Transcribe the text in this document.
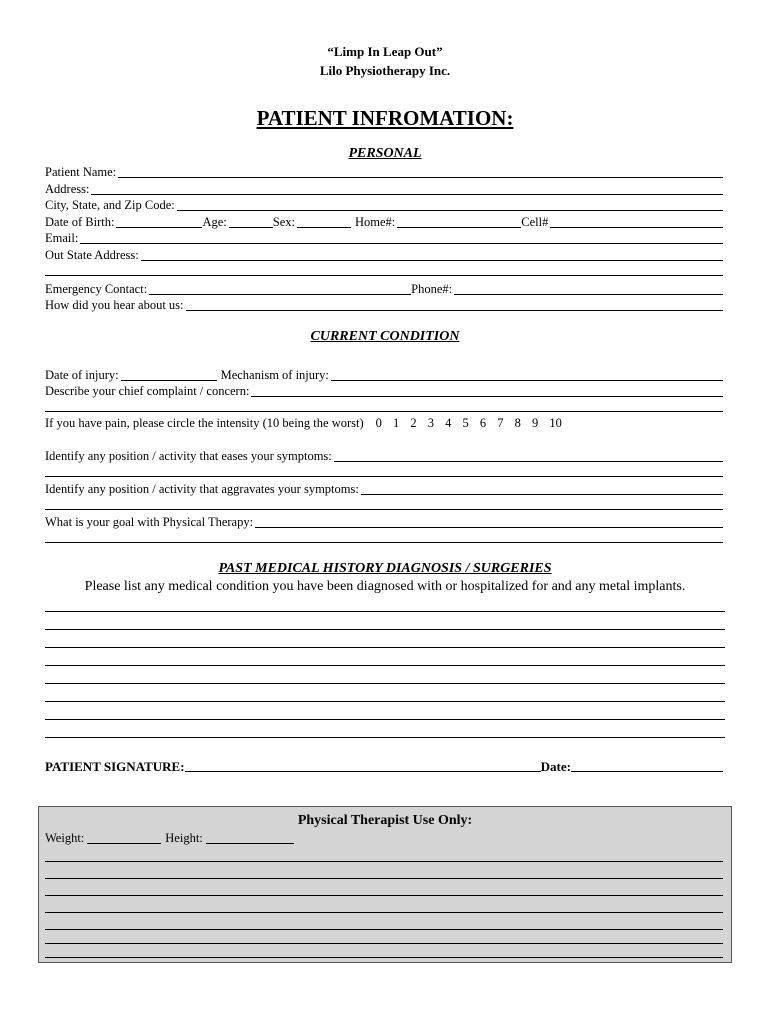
“Limp In Leap Out”
Lilo Physiotherapy Inc.
PATIENT INFROMATION:
PERSONAL
Patient Name:
Address:
City, State, and Zip Code:
Date of Birth:	Age:	Sex:	Home#:	Cell#
Email:
Out State Address:
Emergency Contact:	Phone#:
How did you hear about us:
CURRENT CONDITION
Date of injury:	Mechanism of injury:
Describe your chief complaint / concern:
If you have pain, please circle the intensity (10 being the worst) 0 1 2 3 4 5 6 7 8 9 10
Identify any position / activity that eases your symptoms:
Identify any position / activity that aggravates your symptoms:
What is your goal with Physical Therapy:
PAST MEDICAL HISTORY DIAGNOSIS / SURGERIES
Please list any medical condition you have been diagnosed with or hospitalized for and any metal implants.
PATIENT SIGNATURE:	Date:
Physical Therapist Use Only:
Weight:	Height:
